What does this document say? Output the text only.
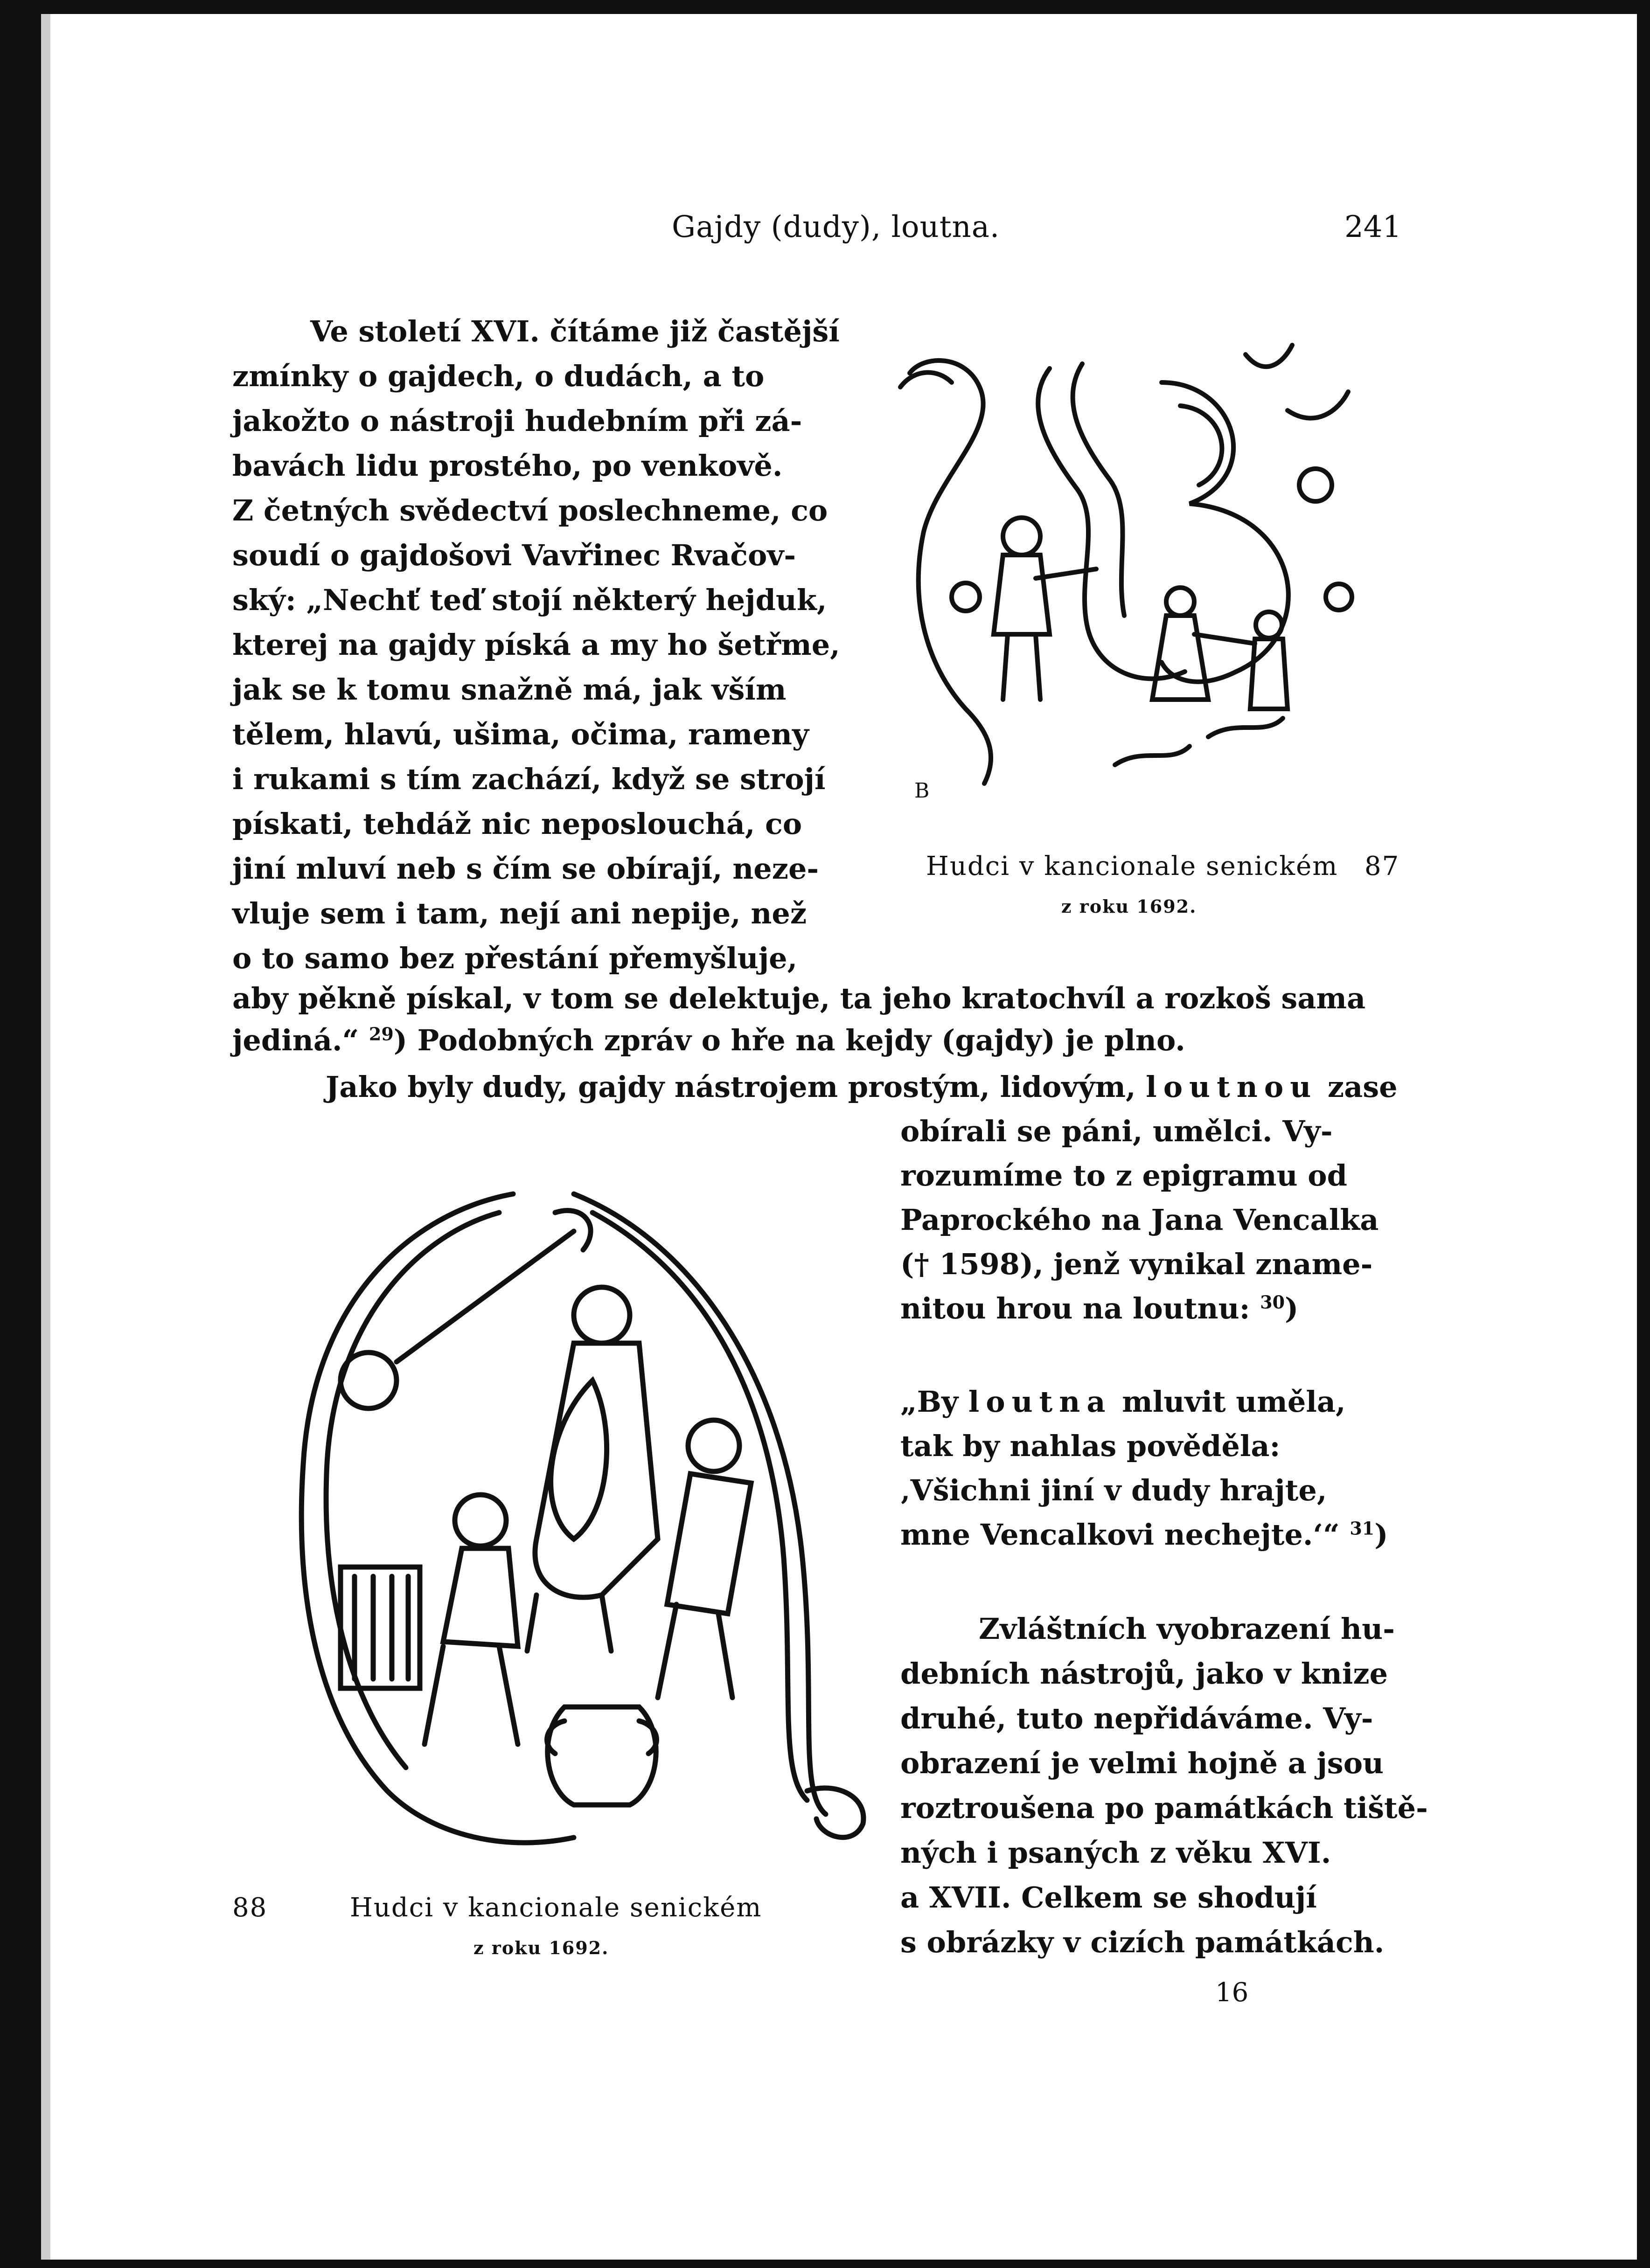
Gajdy (dudy), loutna.	241
Ve století XVI. čítáme již častější
zmínky o gajdech, o dudách, a to
jakožto o nástroji hudebním při zá-
bavách lidu prostého, po venkově.
Z četných svědectví poslechneme, co
soudí o gajdošovi Vavřinec Rvačov-
ský: „Nechť teď stojí některý hejduk,
kterej na gajdy píská a my ho šetřme,
jak se k tomu snažně má, jak vším
tělem, hlavú, ušima, očima, rameny
i rukami s tím zachází, když se strojí
pískati, tehdáž nic neposlouchá, co
jiní mluví neb s čím se obírají, neze-
vluje sem i tam, nejí ani nepije, než
o to samo bez přestání přemyšluje,
aby pěkně pískal, v tom se delektuje, ta jeho kratochvíl a rozkoš sama
jediná.“ $^{29}$) Podobných zpráv o hře na kejdy (gajdy) je plno.
Jako byly dudy, gajdy nástrojem prostým, lidovým, loutnou zase
obírali se páni, umělci. Vy-
rozumíme to z epigramu od
Paprockého na Jana Vencalka
(† 1598), jenž vynikal zname-
nitou hrou na loutnu: $^{30}$)
„By loutna mluvit uměla,
tak by nahlas pověděla:
‚Všichni jiní v dudy hrajte,
mne Vencalkovi nechejte.‘“ $^{31}$)
Zvláštních vyobrazení hu-
debních nástrojů, jako v knize
druhé, tuto nepřidáváme. Vy-
obrazení je velmi hojně a jsou
roztroušena po památkách tiště-
ných i psaných z věku XVI.
a XVII. Celkem se shodují
s obrázky v cizích památkách.
16
B
Hudci v kancionale senickém 87
z roku 1692.
88	Hudci v kancionale senickém
z roku 1692.
